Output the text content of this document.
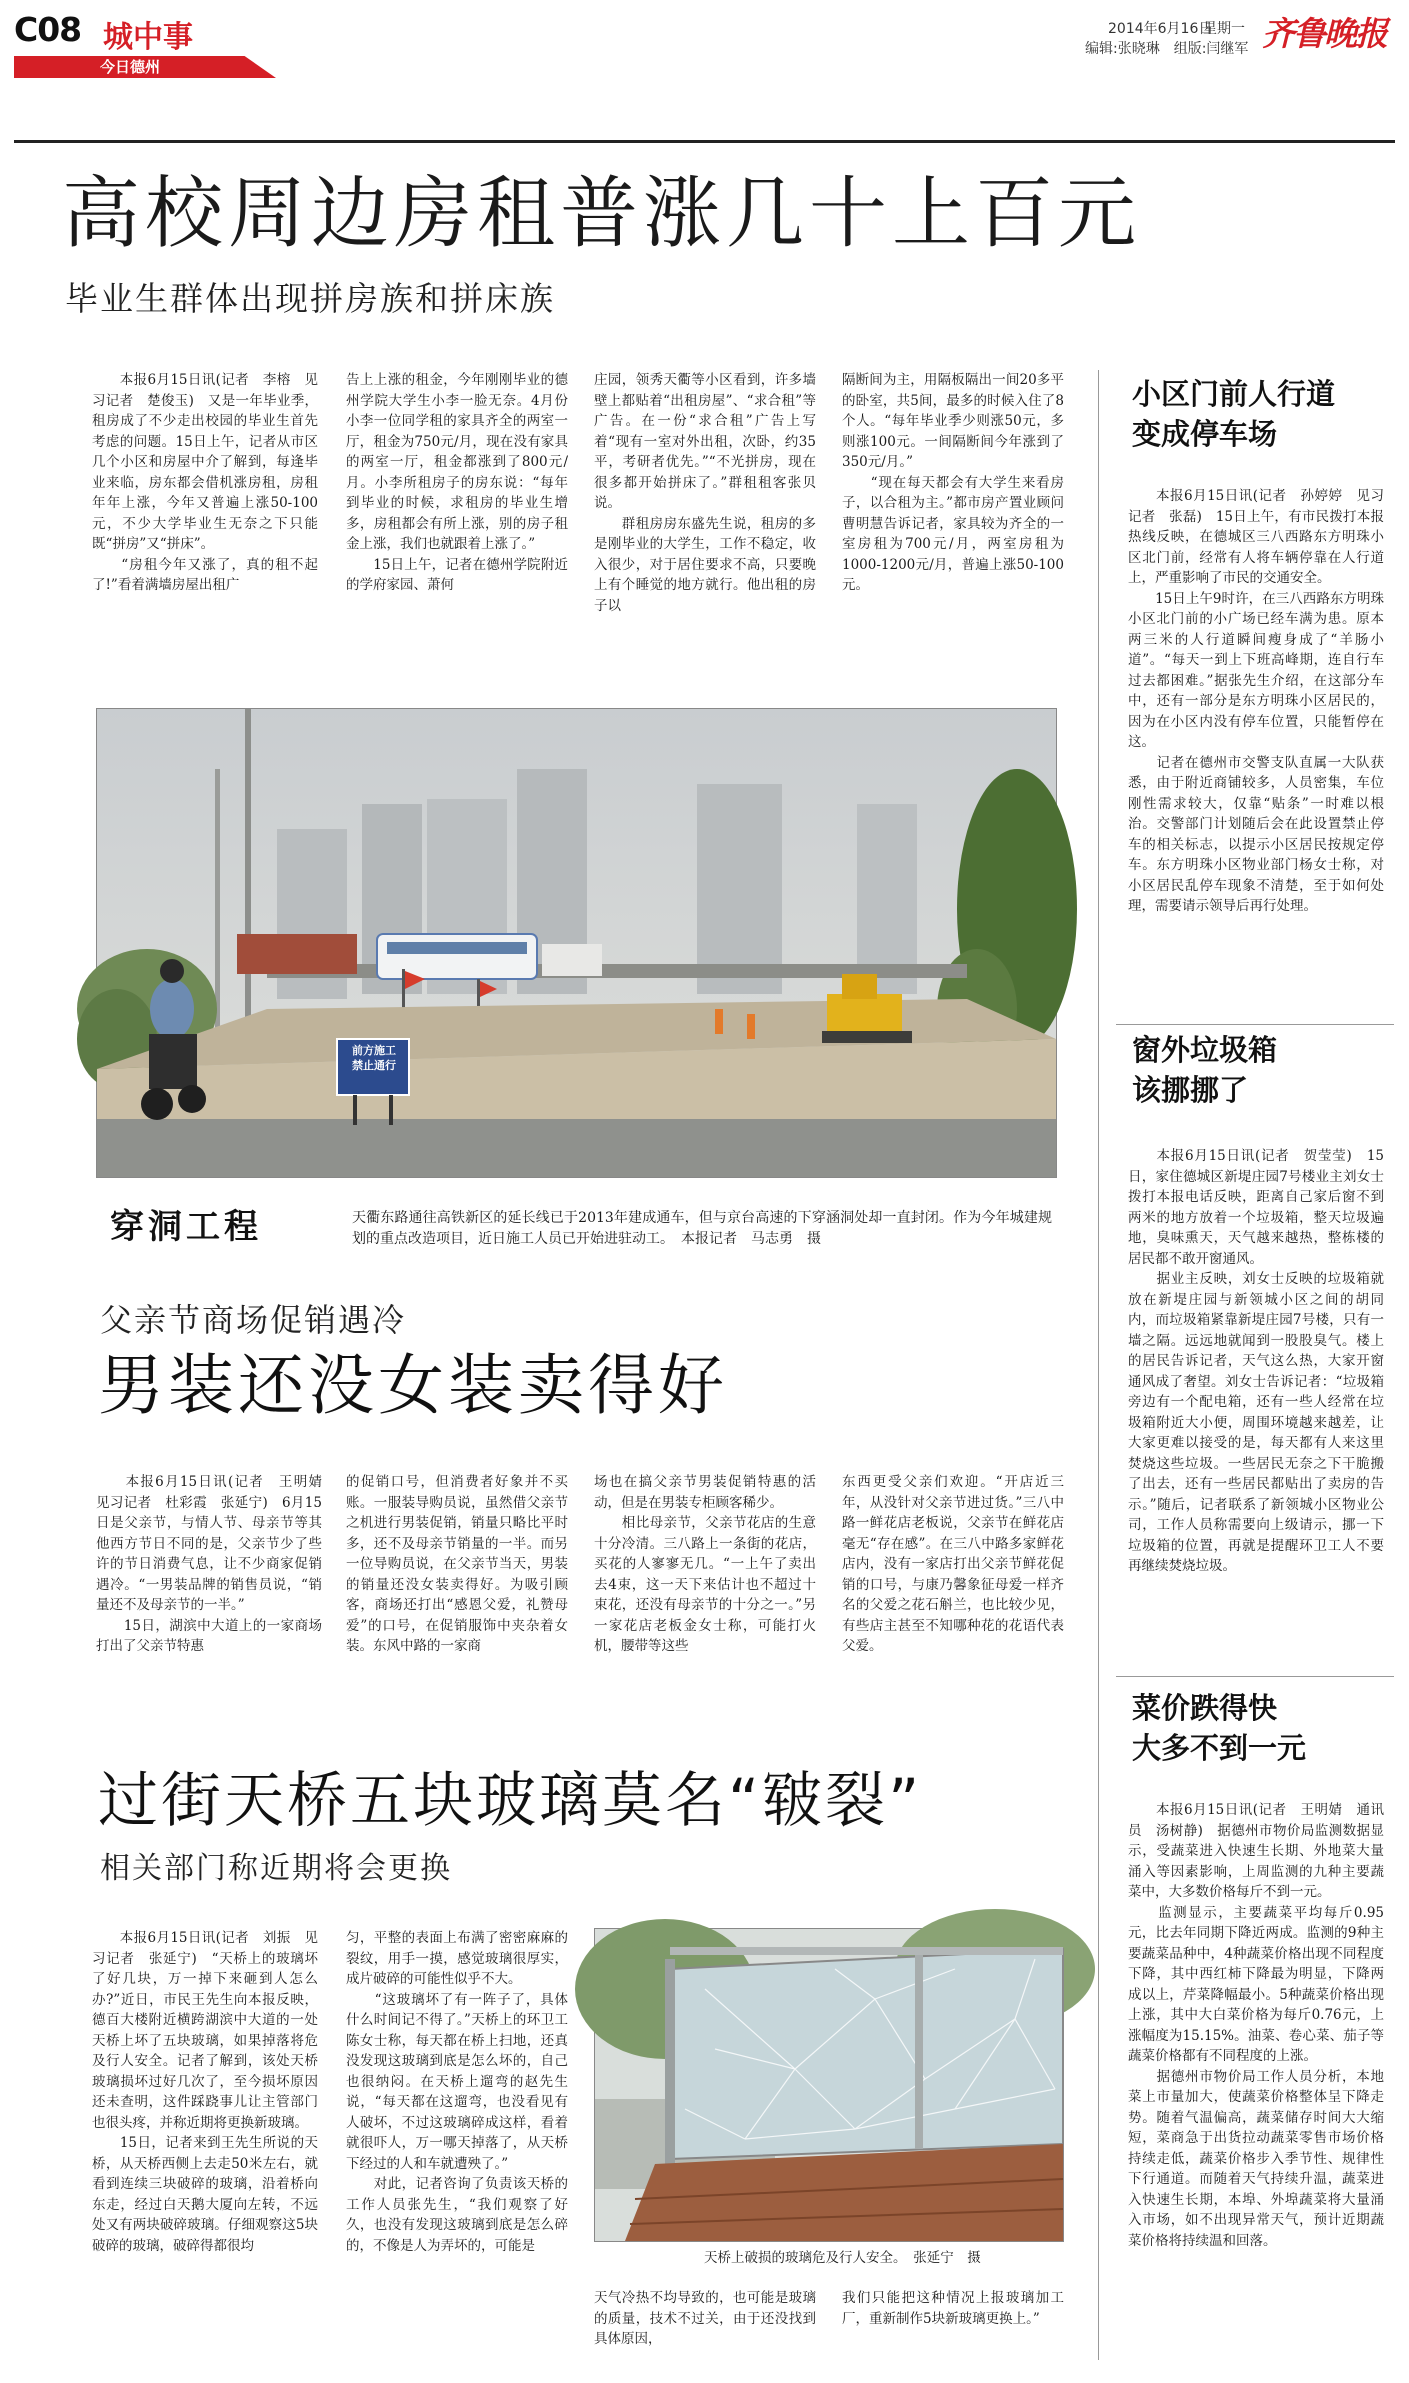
C08 城中事
今日德州
2014年6月16日
星期一
编辑:张晓琳　组版:闫继军 齐鲁晚报
高校周边房租普涨几十上百元
毕业生群体出现拼房族和拼床族
　　本报6月15日讯(记者　李榕　见习记者　楚俊玉)　又是一年毕业季，租房成了不少走出校园的毕业生首先考虑的问题。15日上午，记者从市区几个小区和房屋中介了解到，每逢毕业来临，房东都会借机涨房租，房租年年上涨，今年又普遍上涨50-100元，不少大学毕业生无奈之下只能既“拼房”又“拼床”。
　　“房租今年又涨了，真的租不起了!”看着满墙房屋出租广
告上上涨的租金，今年刚刚毕业的德州学院大学生小李一脸无奈。4月份小李一位同学租的家具齐全的两室一厅，租金为750元/月，现在没有家具的两室一厅，租金都涨到了800元/月。小李所租房子的房东说：“每年到毕业的时候，求租房的毕业生增多，房租都会有所上涨，别的房子租金上涨，我们也就跟着上涨了。”
　　15日上午，记者在德州学院附近的学府家园、萧何
庄园，领秀天衢等小区看到，许多墙壁上都贴着“出租房屋”、“求合租”等广告。在一份“求合租”广告上写着“现有一室对外出租，次卧，约35平，考研者优先。”“不光拼房，现在很多都开始拼床了。”群租租客张贝说。
　　群租房房东盛先生说，租房的多是刚毕业的大学生，工作不稳定，收入很少，对于居住要求不高，只要晚上有个睡觉的地方就行。他出租的房子以
隔断间为主，用隔板隔出一间20多平的卧室，共5间，最多的时候入住了8个人。“每年毕业季少则涨50元，多则涨100元。一间隔断间今年涨到了350元/月。”
　　“现在每天都会有大学生来看房子，以合租为主。”都市房产置业顾问曹明慧告诉记者，家具较为齐全的一室房租为700元/月，两室房租为1000-1200元/月，普遍上涨50-100元。
前方施工
禁止通行
穿洞工程	天衢东路通往高铁新区的延长线已于2013年建成通车，但与京台高速的下穿涵洞处却一直封闭。作为今年城建规划的重点改造项目，近日施工人员已开始进驻动工。　本报记者　马志勇　摄
父亲节商场促销遇冷
男装还没女装卖得好
　　本报6月15日讯(记者　王明婧　见习记者　杜彩霞　张延宁)　6月15日是父亲节，与情人节、母亲节等其他西方节日不同的是，父亲节少了些许的节日消费气息，让不少商家促销遇冷。“一男装品牌的销售员说，“销量还不及母亲节的一半。”
　　15日，湖滨中大道上的一家商场打出了父亲节特惠
的促销口号，但消费者好象并不买账。一服装导购员说，虽然借父亲节之机进行男装促销，销量只略比平时多，还不及母亲节销量的一半。而另一位导购员说，在父亲节当天，男装的销量还没女装卖得好。为吸引顾客，商场还打出“感恩父爱，礼赞母爱”的口号，在促销服饰中夹杂着女装。东风中路的一家商
场也在搞父亲节男装促销特惠的活动，但是在男装专柜顾客稀少。
　　相比母亲节，父亲节花店的生意十分冷清。三八路上一条街的花店，买花的人寥寥无几。“一上午了卖出去4束，这一天下来估计也不超过十束花，还没有母亲节的十分之一。”另一家花店老板金女士称，可能打火机，腰带等这些
东西更受父亲们欢迎。“开店近三年，从没针对父亲节进过货。”三八中路一鲜花店老板说，父亲节在鲜花店毫无“存在感”。在三八中路多家鲜花店内，没有一家店打出父亲节鲜花促销的口号，与康乃馨象征母爱一样齐名的父爱之花石斛兰，也比较少见，有些店主甚至不知哪种花的花语代表父爱。
过街天桥五块玻璃莫名“皲裂”
相关部门称近期将会更换
　　本报6月15日讯(记者　刘振　见习记者　张延宁)　“天桥上的玻璃坏了好几块，万一掉下来砸到人怎么办?”近日，市民王先生向本报反映，德百大楼附近横跨湖滨中大道的一处天桥上坏了五块玻璃，如果掉落将危及行人安全。记者了解到，该处天桥玻璃损坏过好几次了，至今损坏原因还未查明，这件踩跷事儿让主管部门也很头疼，并称近期将更换新玻璃。
　　15日，记者来到王先生所说的天桥，从天桥西侧上去走50米左右，就看到连续三块破碎的玻璃，沿着桥向东走，经过白天鹅大厦向左转，不远处又有两块破碎玻璃。仔细观察这5块破碎的玻璃，破碎得都很均
匀，平整的表面上布满了密密麻麻的裂纹，用手一摸，感觉玻璃很厚实，成片破碎的可能性似乎不大。
　　“这玻璃坏了有一阵子了，具体什么时间记不得了。”天桥上的环卫工陈女士称，每天都在桥上扫地，还真没发现这玻璃到底是怎么坏的，自己也很纳闷。在天桥上遛弯的赵先生说，“每天都在这遛弯，也没看见有人破坏，不过这玻璃碎成这样，看着就很吓人，万一哪天掉落了，从天桥下经过的人和车就遭殃了。”
　　对此，记者咨询了负责该天桥的工作人员张先生，“我们观察了好久，也没有发现这玻璃到底是怎么碎的，不像是人为弄坏的，可能是
天桥上破损的玻璃危及行人安全。　张延宁　摄
天气冷热不均导致的，也可能是玻璃的质量，技术不过关，由于还没找到具体原因，
我们只能把这种情况上报玻璃加工厂，重新制作5块新玻璃更换上。”
小区门前人行道
变成停车场
　　本报6月15日讯(记者　孙婷婷　见习记者　张磊)　15日上午，有市民拨打本报热线反映，在德城区三八西路东方明珠小区北门前，经常有人将车辆停靠在人行道上，严重影响了市民的交通安全。
　　15日上午9时许，在三八西路东方明珠小区北门前的小广场已经车满为患。原本两三米的人行道瞬间瘦身成了“羊肠小道”。“每天一到上下班高峰期，连自行车过去都困难。”据张先生介绍，在这部分车中，还有一部分是东方明珠小区居民的，因为在小区内没有停车位置，只能暂停在这。
　　记者在德州市交警支队直属一大队获悉，由于附近商铺较多，人员密集，车位刚性需求较大，仅靠“贴条”一时难以根治。交警部门计划随后会在此设置禁止停车的相关标志，以提示小区居民按规定停车。东方明珠小区物业部门杨女士称，对小区居民乱停车现象不清楚，至于如何处理，需要请示领导后再行处理。
窗外垃圾箱
该挪挪了
　　本报6月15日讯(记者　贺莹莹)　15日，家住德城区新堤庄园7号楼业主刘女士拨打本报电话反映，距离自己家后窗不到两米的地方放着一个垃圾箱，整天垃圾遍地，臭味熏天，天气越来越热，整栋楼的居民都不敢开窗通风。
　　据业主反映，刘女士反映的垃圾箱就放在新堤庄园与新领城小区之间的胡同内，而垃圾箱紧靠新堤庄园7号楼，只有一墙之隔。远远地就闻到一股股臭气。楼上的居民告诉记者，天气这么热，大家开窗通风成了奢望。刘女士告诉记者：“垃圾箱旁边有一个配电箱，还有一些人经常在垃圾箱附近大小便，周围环境越来越差，让大家更难以接受的是，每天都有人来这里焚烧这些垃圾。一些居民无奈之下干脆搬了出去，还有一些居民都贴出了卖房的告示。”随后，记者联系了新领城小区物业公司，工作人员称需要向上级请示，挪一下垃圾箱的位置，再就是提醒环卫工人不要再继续焚烧垃圾。
菜价跌得快
大多不到一元
　　本报6月15日讯(记者　王明婧　通讯员　汤树静)　据德州市物价局监测数据显示，受蔬菜进入快速生长期、外地菜大量涌入等因素影响，上周监测的九种主要蔬菜中，大多数价格每斤不到一元。
　　监测显示，主要蔬菜平均每斤0.95元，比去年同期下降近两成。监测的9种主要蔬菜品种中，4种蔬菜价格出现不同程度下降，其中西红柿下降最为明显，下降两成以上，芹菜降幅最小。5种蔬菜价格出现上涨，其中大白菜价格为每斤0.76元，上涨幅度为15.15%。油菜、卷心菜、茄子等蔬菜价格都有不同程度的上涨。
　　据德州市物价局工作人员分析，本地菜上市量加大，使蔬菜价格整体呈下降走势。随着气温偏高，蔬菜储存时间大大缩短，菜商急于出货拉动蔬菜零售市场价格持续走低，蔬菜价格步入季节性、规律性下行通道。而随着天气持续升温，蔬菜进入快速生长期，本埠、外埠蔬菜将大量涌入市场，如不出现异常天气，预计近期蔬菜价格将持续温和回落。
